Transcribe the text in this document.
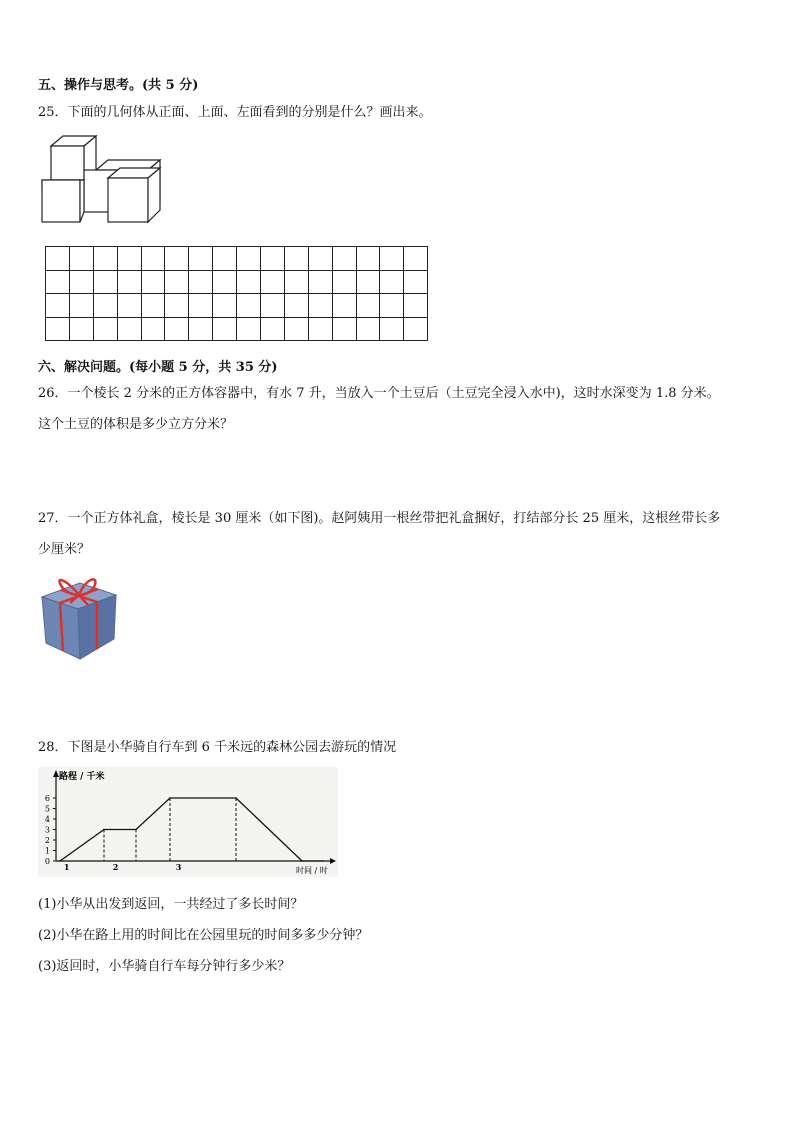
五、操作与思考。(共 5 分)
25．下面的几何体从正面、上面、左面看到的分别是什么？画出来。

六、解决问题。(每小题 5 分，共 35 分)
26．一个棱长 2 分米的正方体容器中，有水 7 升，当放入一个土豆后（土豆完全浸入水中)，这时水深变为 1.8 分米。
这个土豆的体积是多少立方分米？
27．一个正方体礼盒，棱长是 30 厘米（如下图)。赵阿姨用一根丝带把礼盒捆好，打结部分长 25 厘米，这根丝带长多
少厘米？
28．下图是小华骑自行车到 6 千米远的森林公园去游玩的情况
路程 / 千米
时间 / 时
0
1
2
3
4
5
6
1	2	3
(1)小华从出发到返回，一共经过了多长时间？
(2)小华在路上用的时间比在公园里玩的时间多多少分钟？
(3)返回时，小华骑自行车每分钟行多少米？
